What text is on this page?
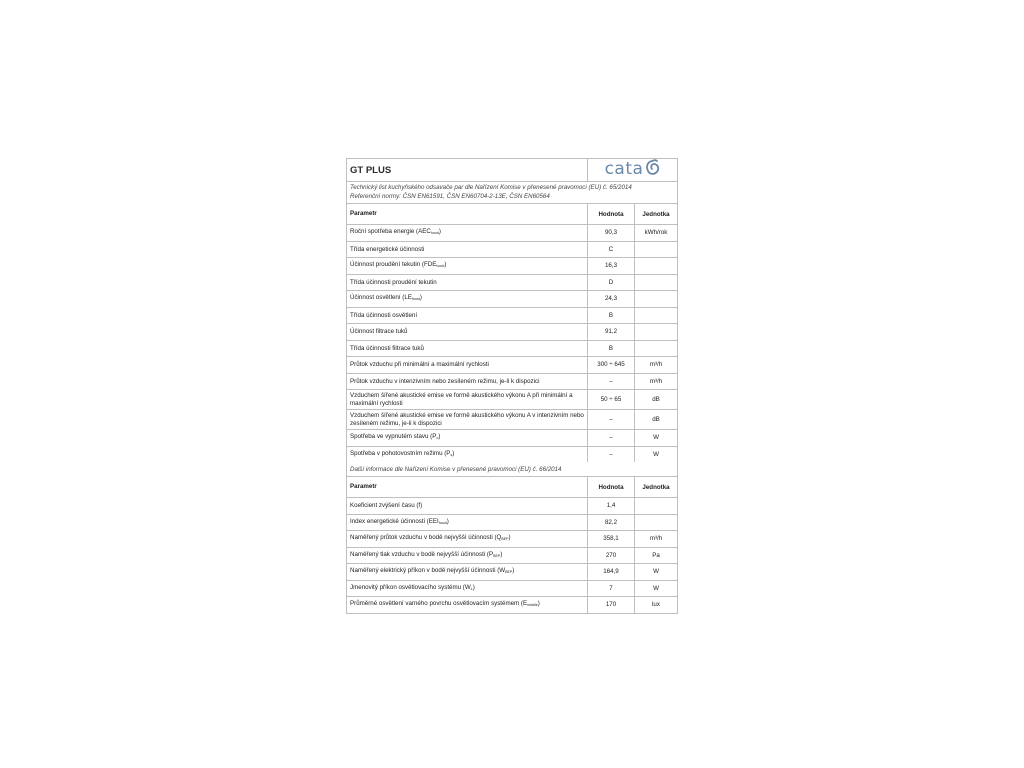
GT PLUS	cata
Technický list kuchyňského odsavače par dle Nařízení Komise v přenesené pravomoci (EU) č. 65/2014
Referenční normy: ČSN EN61591, ČSN EN60704-2-13E, ČSN EN60564
Parametr	Hodnota	Jednotka
Roční spotřeba energie $(AEC_{hood})$	90,3	kWh/rok
Třída energetické účinnosti	C
Účinnost proudění tekutin $(FDE_{hood})$	16,3
Třída účinnosti proudění tekutin	D
Účinnost osvětlení $(LE_{hood})$	24,3
Třída účinnosti osvětlení	B
Účinnost filtrace tuků	91,2
Třída účinnosti filtrace tuků	B
Průtok vzduchu při minimální a maximální rychlosti	300 ÷ 645	m³/h
Průtok vzduchu v intenzivním nebo zesíleném režimu, je-li k dispozici	–	m³/h
Vzduchem šířené akustické emise ve formě akustického výkonu A při minimální a maximální rychlosti	50 ÷ 65	dB
Vzduchem šířené akustické emise ve formě akustického výkonu A v intenzivním nebo zesíleném režimu, je-li k dispozici	–	dB
Spotřeba ve vypnutém stavu $(P_o)$	–	W
Spotřeba v pohotovostním režimu $(P_s)$	–	W
Další informace dle Nařízení Komise v přenesené pravomoci (EU) č. 66/2014
Parametr	Hodnota	Jednotka
Koeficient zvýšení času (f)	1,4
Index energetické účinnosti $(EEI_{hood})$	82,2
Naměřený průtok vzduchu v bodě nejvyšší účinnosti $(Q_{BEP})$	358,1	m³/h
Naměřený tlak vzduchu v bodě nejvyšší účinnosti $(P_{BEP})$	270	Pa
Naměřený elektrický příkon v bodě nejvyšší účinnosti $(W_{BEP})$	164,9	W
Jmenovitý příkon osvětlovacího systému $(W_L)$	7	W
Průměrné osvětlení varného povrchu osvětlovacím systémem $(E_{middle})$	170	lux
